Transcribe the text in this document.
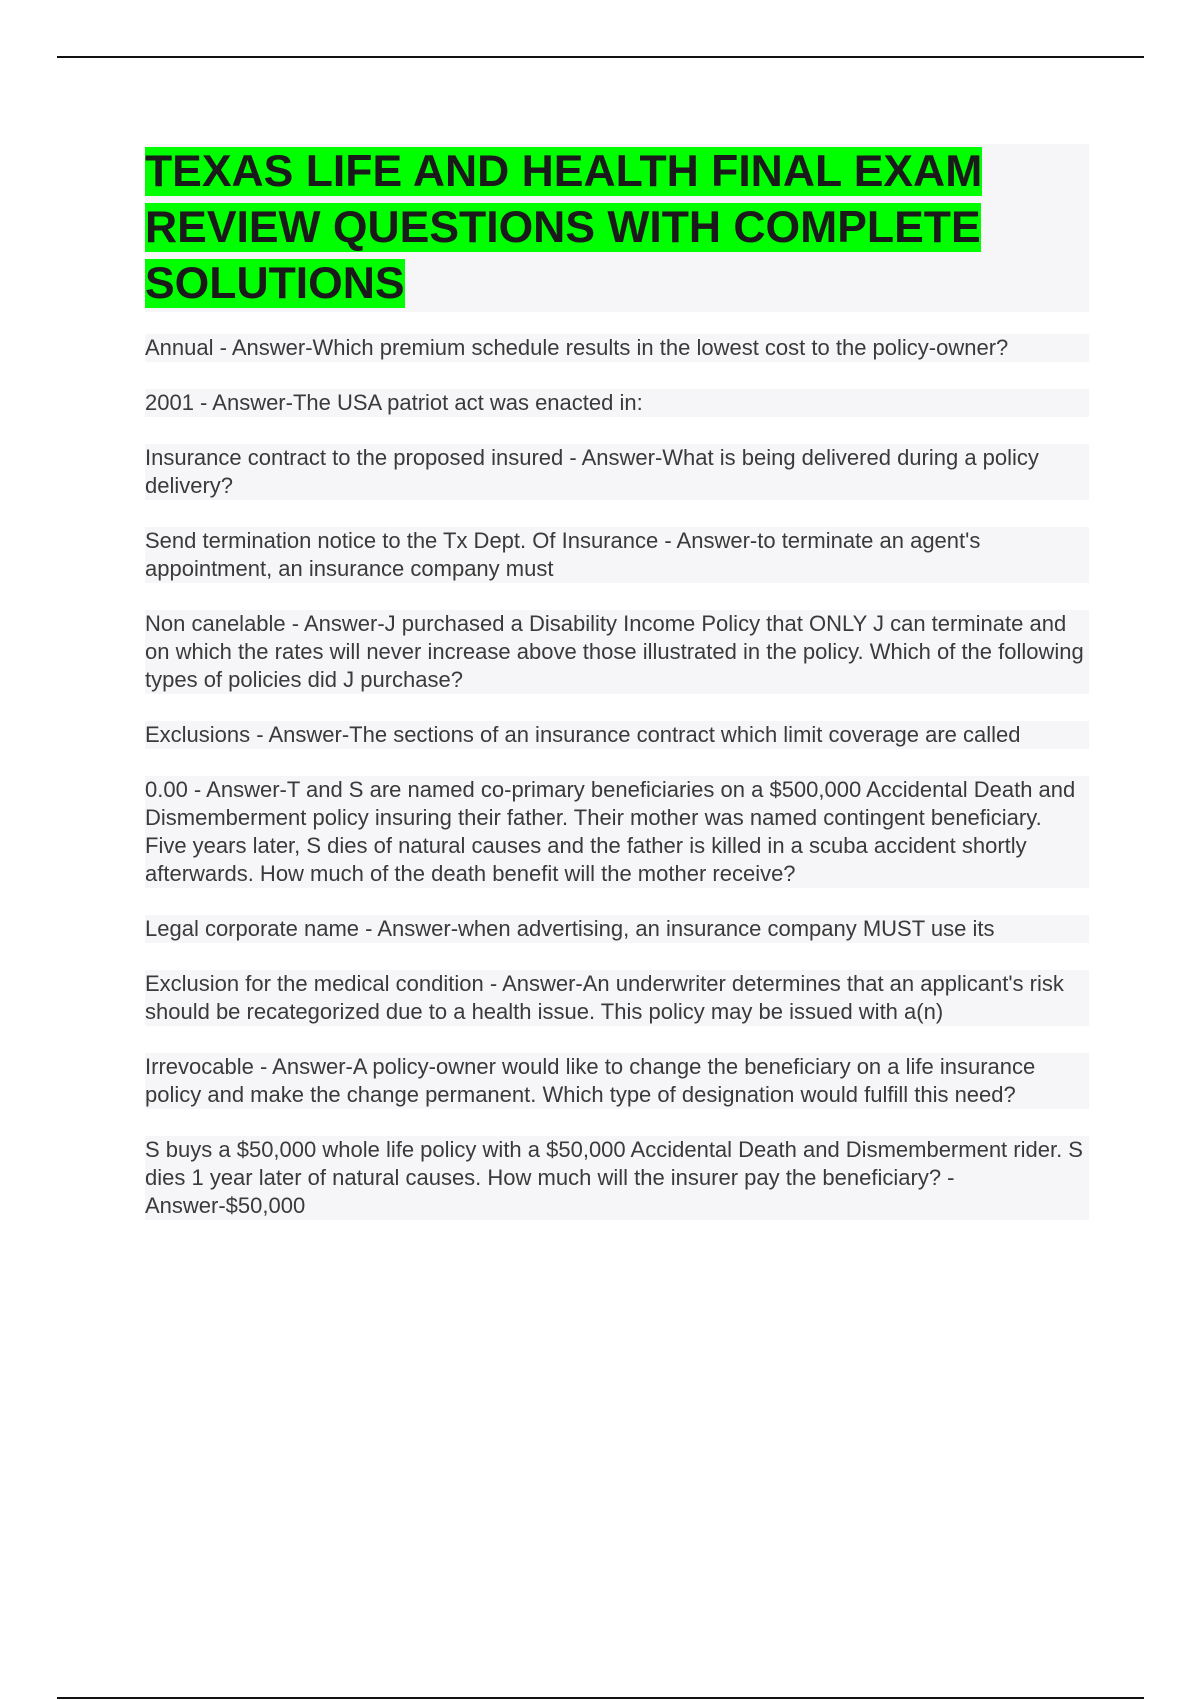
TEXAS LIFE AND HEALTH FINAL EXAM REVIEW QUESTIONS WITH COMPLETE SOLUTIONS

Annual - Answer-Which premium schedule results in the lowest cost to the policy-owner?

2001 - Answer-The USA patriot act was enacted in:

Insurance contract to the proposed insured - Answer-What is being delivered during a policy delivery?

Send termination notice to the Tx Dept. Of Insurance - Answer-to terminate an agent's appointment, an insurance company must

Non canelable - Answer-J purchased a Disability Income Policy that ONLY J can terminate and on which the rates will never increase above those illustrated in the policy. Which of the following types of policies did J purchase?

Exclusions - Answer-The sections of an insurance contract which limit coverage are called

0.00 - Answer-T and S are named co-primary beneficiaries on a $500,000 Accidental Death and Dismemberment policy insuring their father. Their mother was named contingent beneficiary. Five years later, S dies of natural causes and the father is killed in a scuba accident shortly afterwards. How much of the death benefit will the mother receive?

Legal corporate name - Answer-when advertising, an insurance company MUST use its

Exclusion for the medical condition - Answer-An underwriter determines that an applicant's risk should be recategorized due to a health issue. This policy may be issued with a(n)

Irrevocable - Answer-A policy-owner would like to change the beneficiary on a life insurance policy and make the change permanent. Which type of designation would fulfill this need?

S buys a $50,000 whole life policy with a $50,000 Accidental Death and Dismemberment rider. S dies 1 year later of natural causes. How much will the insurer pay the beneficiary? - Answer-$50,000
